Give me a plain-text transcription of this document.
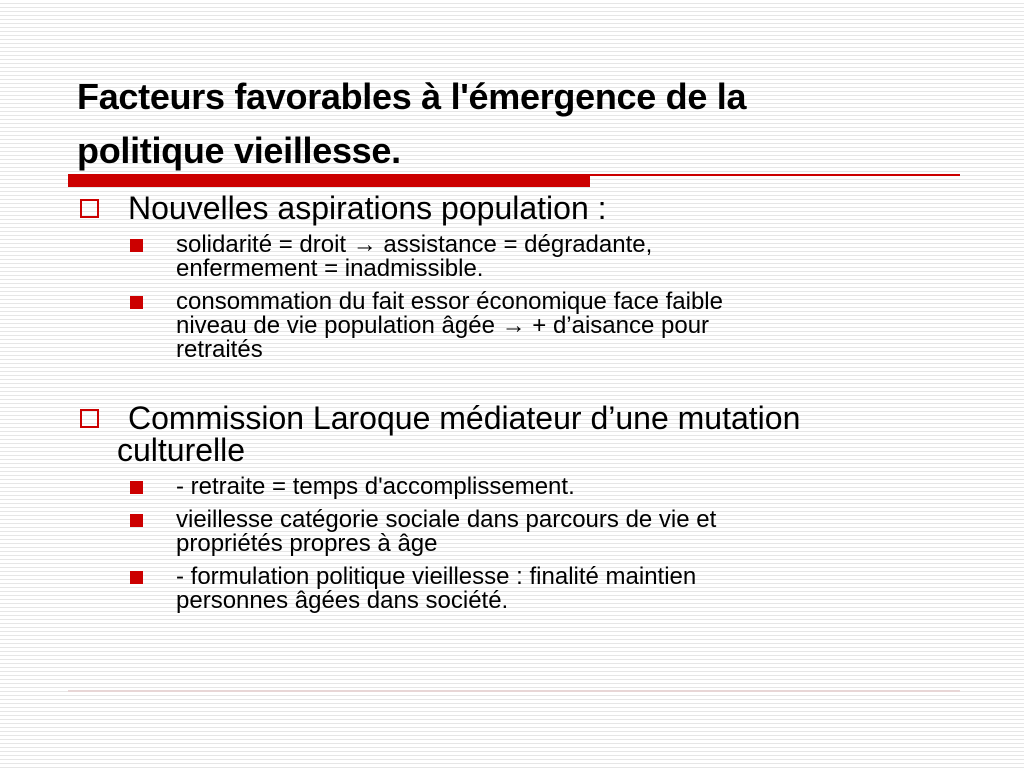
Facteurs favorables à l'émergence de la
politique vieillesse.

Nouvelles aspirations population :

solidarité = droit → assistance = dégradante,
enfermement = inadmissible.

consommation du fait essor économique face faible
niveau de vie population âgée → + d’aisance pour
retraités

Commission Laroque médiateur d’une mutation
culturelle

- retraite = temps d'accomplissement.

vieillesse catégorie sociale dans parcours de vie et
propriétés propres à âge

- formulation politique vieillesse : finalité maintien
personnes âgées dans société.
